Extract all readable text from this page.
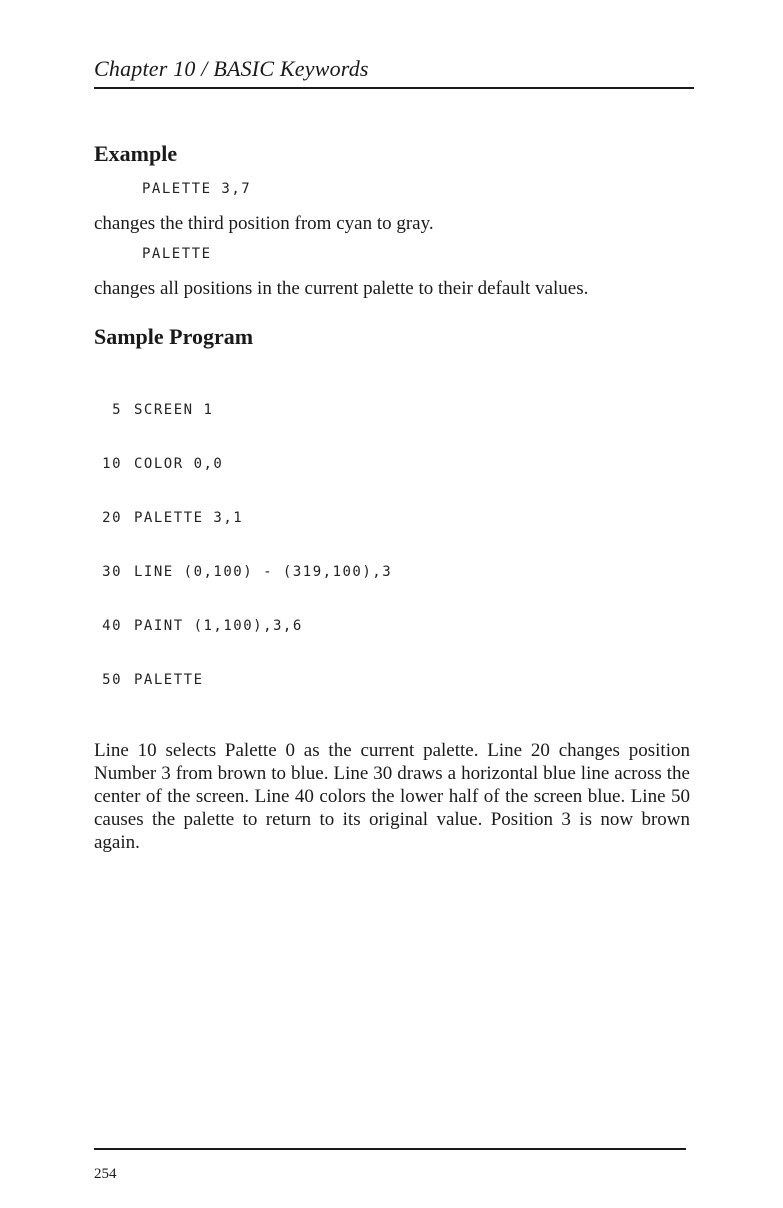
Chapter 10 / BASIC Keywords
Example
PALETTE 3,7

changes the third position from cyan to gray.

PALETTE

changes all positions in the current palette to their default values.

Sample Program

5 SCREEN 1

10 COLOR 0,0

20 PALETTE 3,1

30 LINE (0,100) - (319,100),3

40 PAINT (1,100),3,6

50 PALETTE

Line 10 selects Palette 0 as the current palette. Line 20 changes position Number 3 from brown to blue. Line 30 draws a horizontal blue line across the center of the screen. Line 40 colors the lower half of the screen blue. Line 50 causes the palette to return to its original value. Position 3 is now brown again.

254
